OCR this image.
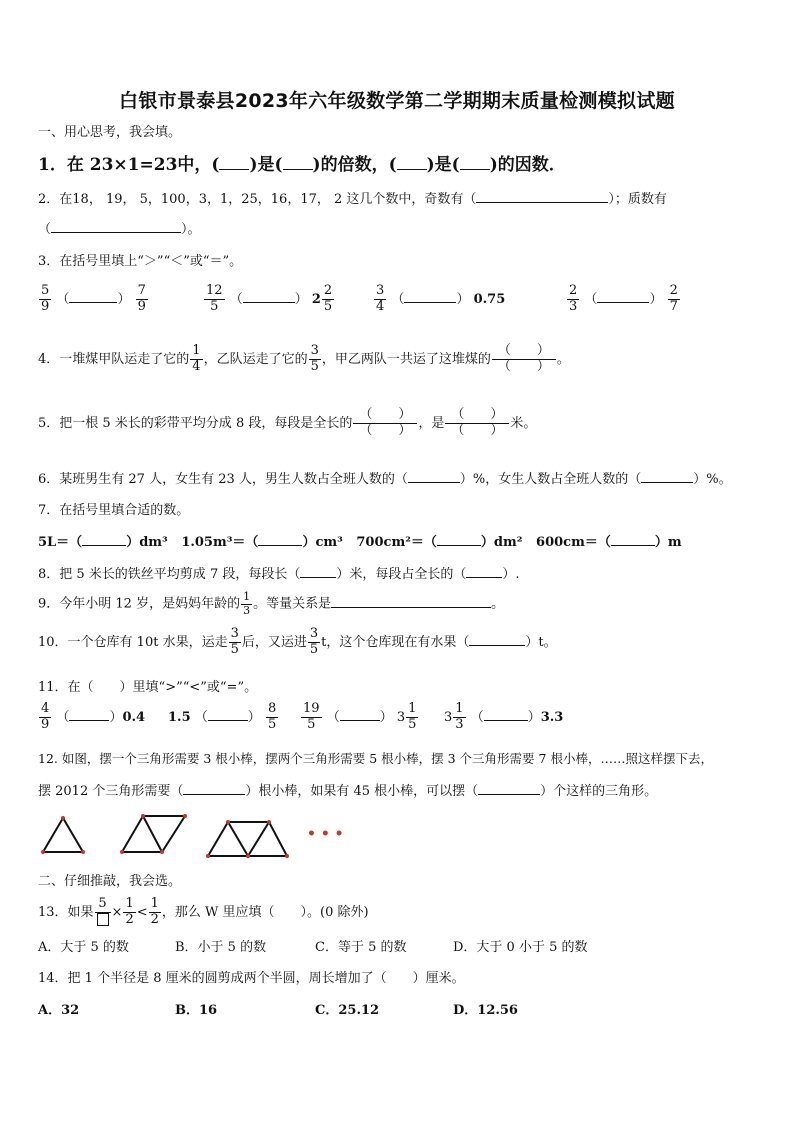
白银市景泰县2023年六年级数学第二学期期末质量检测模拟试题
一、用心思考，我会填。
1．在 23×1=23中，( )是( )的倍数，( )是( )的因数．
2．在18， 19， 5，100，3，1，25，16，17， 2 这几个数中，奇数有（	）；质数有
（	）。
3．在括号里填上“＞”“＜”或“＝”。
$\frac{5}{9}$ （	） $\frac{7}{9}$	$\frac{12}{5}$ （	） $2 \frac{2}{5}$	$\frac{3}{4}$ （	） 0.75	$\frac{2}{3}$ （	） $\frac{2}{7}$
4．一堆煤甲队运走了它的 $\frac{1}{4}$ ，乙队运走了它的 $\frac{3}{5}$ ，甲乙两队一共运了这堆煤的 $\frac{( )}{( )}$ 。
5．把一根 5 米长的彩带平均分成 8 段，每段是全长的 $\frac{( )}{( )}$ ，是 $\frac{( )}{( )}$ 米。
6．某班男生有 27 人，女生有 23 人，男生人数占全班人数的（	）%，女生人数占全班人数的（	）%。
7．在括号里填合适的数。
5L＝（	）dm³ 1.05m³＝（	）cm³ 700cm²＝（	）dm² 600cm＝（	）m
8．把 5 米长的铁丝平均剪成 7 段，每段长（	）米，每段占全长的（	）.
9．今年小明 12 岁，是妈妈年龄的 $\frac{1}{3}$ 。等量关系是	。
10．一个仓库有 10t 水果，运走 $\frac{3}{5}$ 后，又运进 $\frac{3}{5}$ t，这个仓库现在有水果（	）t。
11．在（　　）里填“>”“<”或“=”。
$\frac{4}{9}$ （	）0.4 1.5 （	） $\frac{8}{5} \frac{19}{5}$ （	） $3 \frac{1}{5} 3 \frac{1}{3}$ （	）3.3
12. 如图，摆一个三角形需要 3 根小棒，摆两个三角形需要 5 根小棒，摆 3 个三角形需要 7 根小棒，……照这样摆下去，
摆 2012 个三角形需要（	）根小棒，如果有 45 根小棒，可以摆（	）个这样的三角形。
• • •
二、仔细推敲，我会选。
13．如果
5
× $\frac{1}{2} < \frac{1}{2}$ ，那么 W 里应填（　　）。(0 除外)
A．大于 5 的数	B．小于 5 的数	C．等于 5 的数	D．大于 0 小于 5 的数
14．把 1 个半径是 8 厘米的圆剪成两个半圆，周长增加了（　　）厘米。
A．32	B．16	C．25.12	D．12.56
